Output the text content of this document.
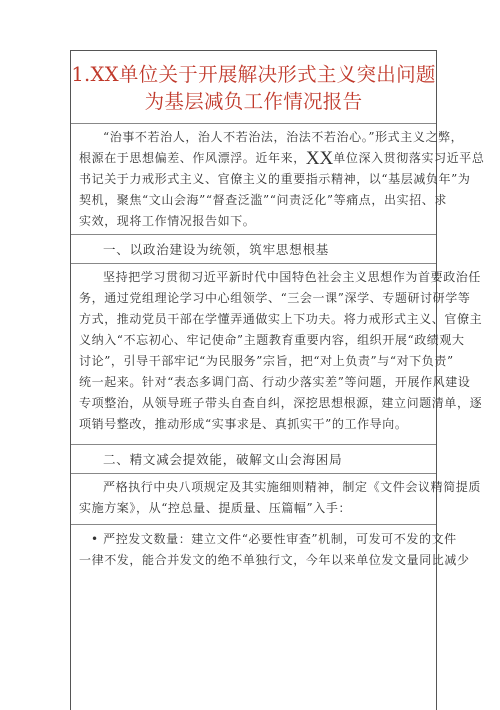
1.XX单位关于开展解决形式主义突出问题
为基层减负工作情况报告
“治事不若治人，治人不若治法，治法不若治心。”形式主义之弊，
根源在于思想偏差、作风漂浮。近年来，XX单位深入贯彻落实习近平总
书记关于力戒形式主义、官僚主义的重要指示精神，以“基层减负年”为
契机，聚焦“文山会海”“督查泛滥”“问责泛化”等痛点，出实招、求
实效，现将工作情况报告如下。
一、以政治建设为统领，筑牢思想根基
坚持把学习贯彻习近平新时代中国特色社会主义思想作为首要政治任
务，通过党组理论学习中心组领学、“三会一课”深学、专题研讨研学等
方式，推动党员干部在学懂弄通做实上下功夫。将力戒形式主义、官僚主
义纳入“不忘初心、牢记使命”主题教育重要内容，组织开展“政绩观大
讨论”，引导干部牢记“为民服务”宗旨，把“对上负责”与“对下负责”
统一起来。针对“表态多调门高、行动少落实差”等问题，开展作风建设
专项整治，从领导班子带头自查自纠，深挖思想根源，建立问题清单，逐
项销号整改，推动形成“实事求是、真抓实干”的工作导向。
二、精文减会提效能，破解文山会海困局
严格执行中央八项规定及其实施细则精神，制定《文件会议精简提质
实施方案》，从“控总量、提质量、压篇幅”入手：
• 严控发文数量：建立文件“必要性审查”机制，可发可不发的文件
一律不发，能合并发文的绝不单独行文，今年以来单位发文量同比减少
